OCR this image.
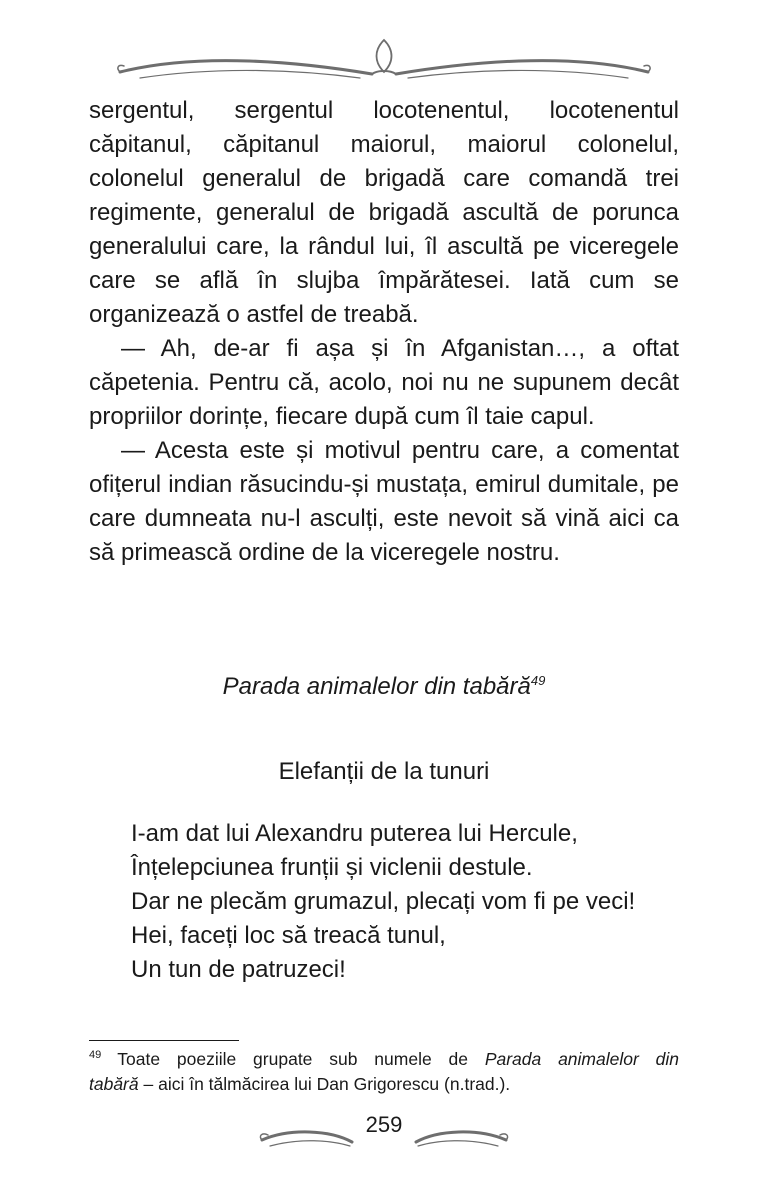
sergentul, sergentul locotenentul, locotenentul căpitanul, căpitanul maiorul, maiorul colonelul, colonelul generalul de brigadă care comandă trei regimente, generalul de brigadă ascultă de porunca generalului care, la rândul lui, îl ascultă pe viceregele care se află în slujba împărătesei. Iată cum se organizează o astfel de treabă.

— Ah, de-ar fi așa și în Afganistan…, a oftat căpetenia. Pentru că, acolo, noi nu ne supunem decât propriilor dorințe, fiecare după cum îl taie capul.

— Acesta este și motivul pentru care, a comentat ofițerul indian răsucindu-și mustața, emirul dumitale, pe care dumneata nu-l asculți, este nevoit să vină aici ca să primească ordine de la viceregele nostru.

Parada animalelor din tabără$^{49}$
Elefanții de la tunuri
I-am dat lui Alexandru puterea lui Hercule,
Înțelepciunea frunții și viclenii destule.
Dar ne plecăm grumazul, plecați vom fi pe veci!
Hei, faceți loc să treacă tunul,
Un tun de patruzeci!
$^{49}$ Toate poeziile grupate sub numele de Parada animalelor din
tabără – aici în tălmăcirea lui Dan Grigorescu (n.trad.).
259
